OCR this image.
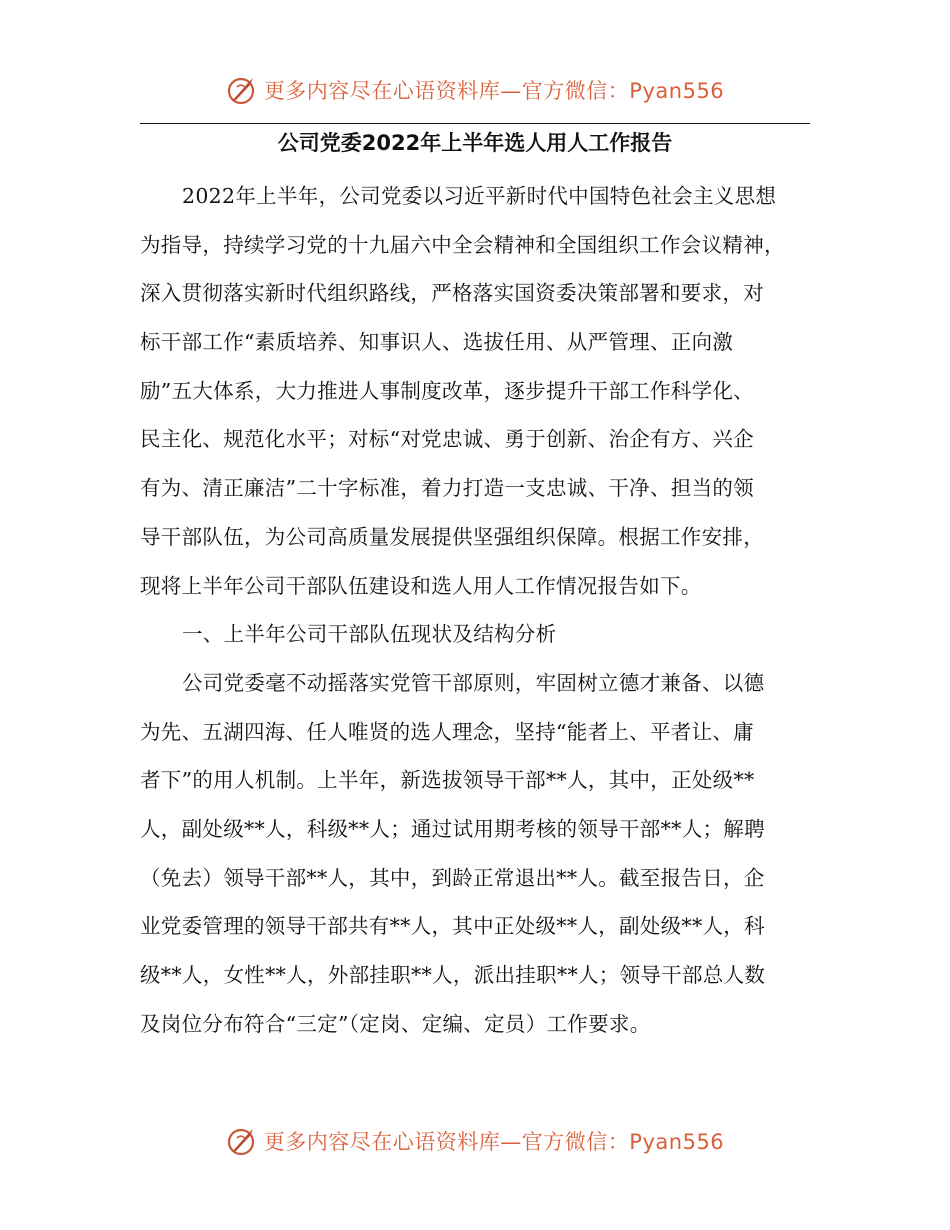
更多内容尽在心语资料库—官方微信：Pyan556
公司党委2022年上半年选人用人工作报告
2022年上半年，公司党委以习近平新时代中国特色社会主义思想
为指导，持续学习党的十九届六中全会精神和全国组织工作会议精神，
深入贯彻落实新时代组织路线，严格落实国资委决策部署和要求，对
标干部工作“素质培养、知事识人、选拔任用、从严管理、正向激
励”五大体系，大力推进人事制度改革，逐步提升干部工作科学化、
民主化、规范化水平；对标“对党忠诚、勇于创新、治企有方、兴企
有为、清正廉洁”二十字标准，着力打造一支忠诚、干净、担当的领
导干部队伍，为公司高质量发展提供坚强组织保障。根据工作安排，
现将上半年公司干部队伍建设和选人用人工作情况报告如下。
一、上半年公司干部队伍现状及结构分析
公司党委毫不动摇落实党管干部原则，牢固树立德才兼备、以德
为先、五湖四海、任人唯贤的选人理念，坚持“能者上、平者让、庸
者下”的用人机制。上半年，新选拔领导干部**人，其中，正处级**
人，副处级**人，科级**人；通过试用期考核的领导干部**人；解聘
（免去）领导干部**人，其中，到龄正常退出**人。截至报告日，企
业党委管理的领导干部共有**人，其中正处级**人，副处级**人，科
级**人，女性**人，外部挂职**人，派出挂职**人；领导干部总人数
及岗位分布符合“三定”（定岗、定编、定员）工作要求。
更多内容尽在心语资料库—官方微信：Pyan556
